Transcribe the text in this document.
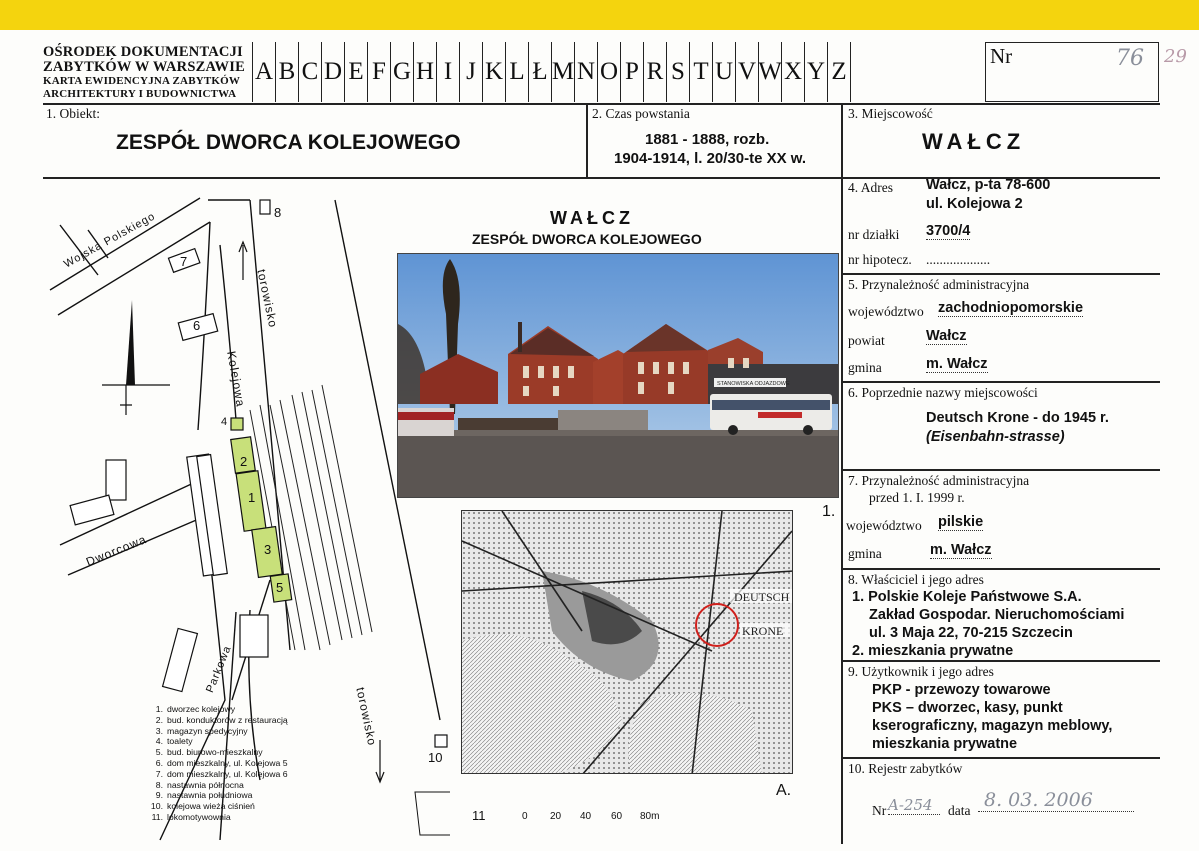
OŚRODEK DOKUMENTACJI
ZABYTKÓW W WARSZAWIE
KARTA EWIDENCYJNA ZABYTKÓW
ARCHITEKTURY I BUDOWNICTWA
A B C D E F G H I J K L Ł M N O P R S T U V W X Y Z
Nr	76 29
1. Obiekt:
ZESPÓŁ DWORCA KOLEJOWEGO
2. Czas powstania
1881 - 1888, rozb.
1904-1914, l. 20/30-te XX w.
3. Miejscowość
WAŁCZ
4. Adres Wałcz, p-ta 78-600
ul. Kolejowa 2
nr działki 3700/4
nr hipotecz. ...................
5. Przynależność administracyjna
województwo zachodniopomorskie
powiat	Wałcz
gmina	m. Wałcz
6. Poprzednie nazwy miejscowości
Deutsch Krone - do 1945 r.
(Eisenbahn-strasse)
7. Przynależność administracyjna
przed 1. I. 1999 r.
województwo pilskie
gmina	m. Wałcz
8. Właściciel i jego adres
1. Polskie Koleje Państwowe S.A.
Zakład Gospodar. Nieruchomościami
ul. 3 Maja 22, 70-215 Szczecin
2. mieszkania prywatne
9. Użytkownik i jego adres
PKP - przewozy towarowe
PKS – dworzec, kasy, punkt
kserograficzny, magazyn meblowy,
mieszkania prywatne
10. Rejestr zabytków
Nr A-254	data 8. 03. 2006
WAŁCZ
ZESPÓŁ DWORCA KOLEJOWEGO
STANOWISKA ODJAZDOWE
1.
DEUTSCH
KRONE
A.
Wojska Polskiego
Kolejowa
Dworcowa
Parkowa
torowisko
torowisko
1
2
3
4
5
6
7
8
10
11	0 20 40 60 80m
1. dworzec kolejowy
2. bud. konduktorów z restauracją
3. magazyn spedycyjny
4. toalety
5. bud. biurowo-mieszkalny
6. dom mieszkalny, ul. Kolejowa 5
7. dom mieszkalny, ul. Kolejowa 6
8. nastawnia północna
9. nastawnia południowa
10. kolejowa wieża ciśnień
11. lokomotywownia
